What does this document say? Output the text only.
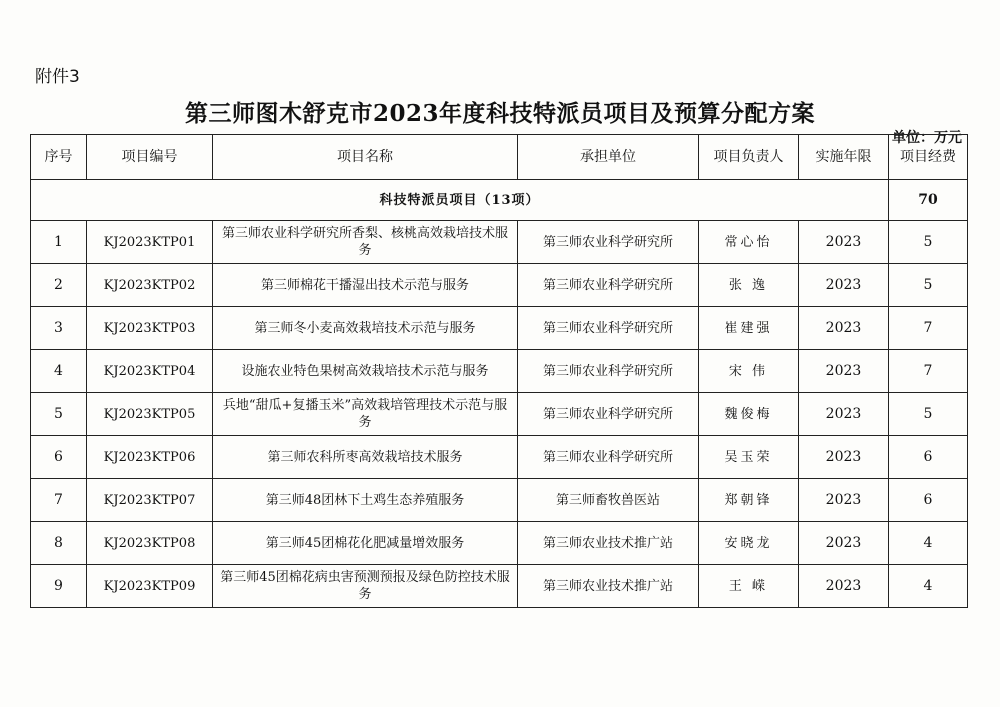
附件3
第三师图木舒克市2023年度科技特派员项目及预算分配方案
单位：万元
序号	项目编号	项目名称	承担单位	项目负责人	实施年限	项目经费
科技特派员项目（13项）						70
1	KJ2023KTP01	第三师农业科学研究所香梨、核桃高效栽培技术服务	第三师农业科学研究所	常心怡	2023	5
2	KJ2023KTP02	第三师棉花干播湿出技术示范与服务	第三师农业科学研究所	张 逸	2023	5
3	KJ2023KTP03	第三师冬小麦高效栽培技术示范与服务	第三师农业科学研究所	崔建强	2023	7
4	KJ2023KTP04	设施农业特色果树高效栽培技术示范与服务	第三师农业科学研究所	宋 伟	2023	7
5	KJ2023KTP05	兵地“甜瓜+复播玉米”高效栽培管理技术示范与服务	第三师农业科学研究所	魏俊梅	2023	5
6	KJ2023KTP06	第三师农科所枣高效栽培技术服务	第三师农业科学研究所	吴玉荣	2023	6
7	KJ2023KTP07	第三师48团林下土鸡生态养殖服务	第三师畜牧兽医站	郑朝锋	2023	6
8	KJ2023KTP08	第三师45团棉花化肥减量增效服务	第三师农业技术推广站	安晓龙	2023	4
9	KJ2023KTP09	第三师45团棉花病虫害预测预报及绿色防控技术服务	第三师农业技术推广站	王 嵘	2023	4
